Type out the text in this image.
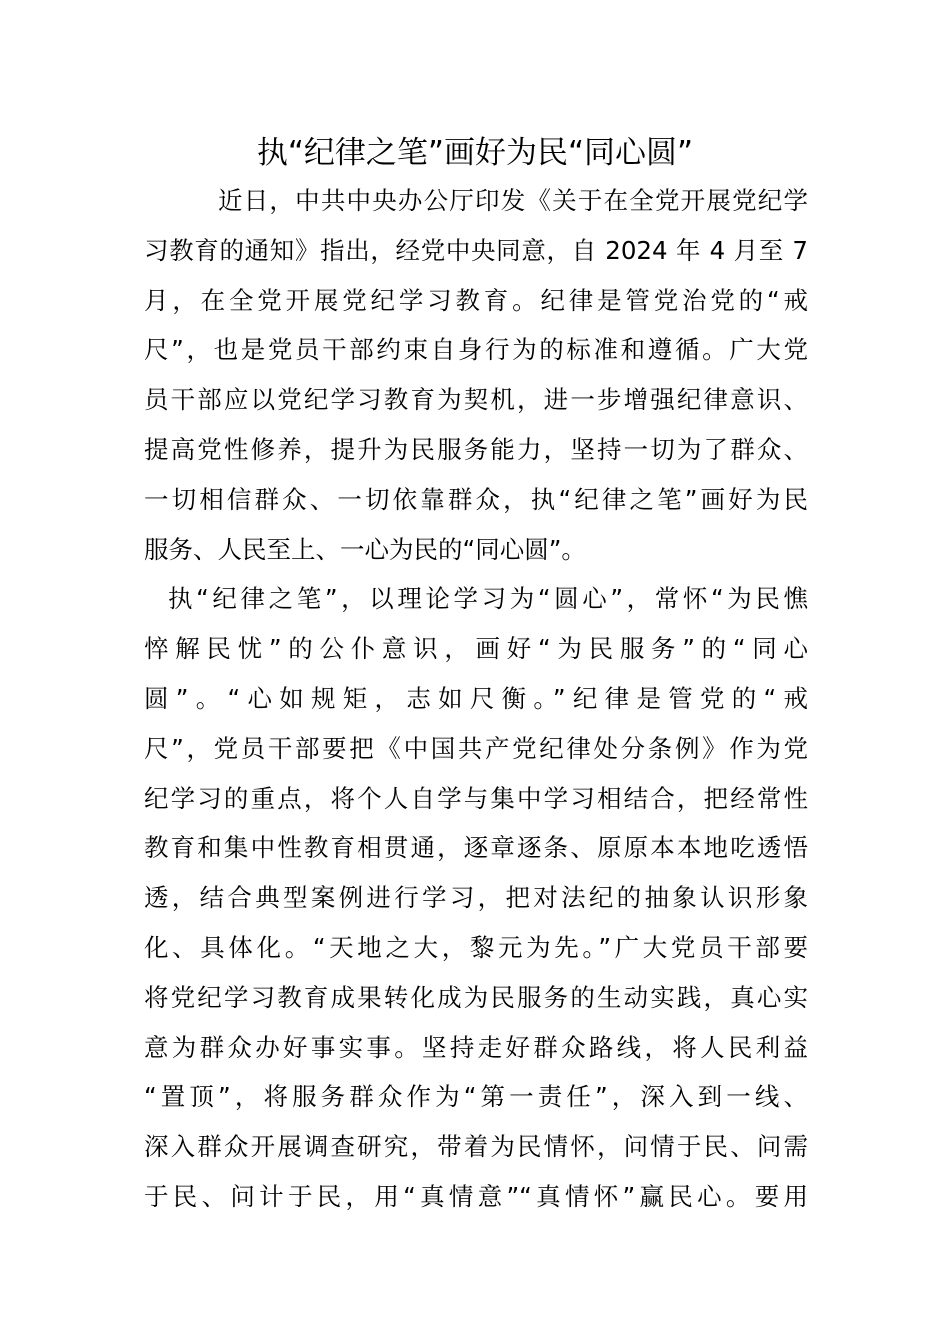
执“纪律之笔”画好为民“同心圆”
近日，中共中央办公厅印发《关于在全党开展党纪学
习教育的通知》指出，经党中央同意，自 2024 年 4 月至 7
月，在全党开展党纪学习教育。纪律是管党治党的“戒
尺”，也是党员干部约束自身行为的标准和遵循。广大党
员干部应以党纪学习教育为契机，进一步增强纪律意识、
提高党性修养，提升为民服务能力，坚持一切为了群众、
一切相信群众、一切依靠群众，执“纪律之笔”画好为民
服务、人民至上、一心为民的“同心圆”。
执“纪律之笔”，以理论学习为“圆心”，常怀“为民憔
悴解民忧”的公仆意识，画好“为民服务”的“同心
圆”。“心如规矩，志如尺衡。”纪律是管党的“戒
尺”，党员干部要把《中国共产党纪律处分条例》作为党
纪学习的重点，将个人自学与集中学习相结合，把经常性
教育和集中性教育相贯通，逐章逐条、原原本本地吃透悟
透，结合典型案例进行学习，把对法纪的抽象认识形象
化、具体化。“天地之大，黎元为先。”广大党员干部要
将党纪学习教育成果转化成为民服务的生动实践，真心实
意为群众办好事实事。坚持走好群众路线，将人民利益
“置顶”，将服务群众作为“第一责任”，深入到一线、
深入群众开展调查研究，带着为民情怀，问情于民、问需
于民、问计于民，用“真情意”“真情怀”赢民心。要用
